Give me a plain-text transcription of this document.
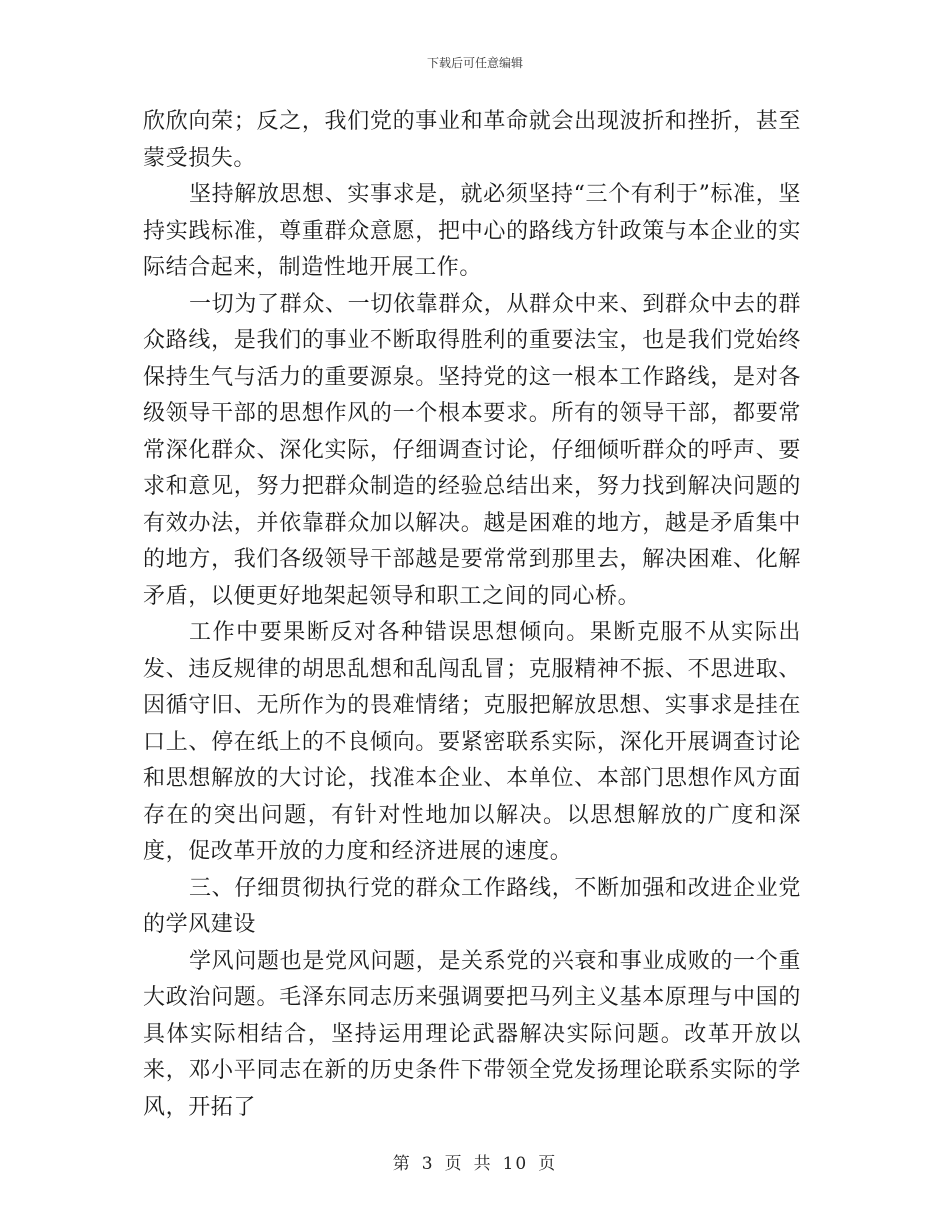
下载后可任意编辑

欣欣向荣；反之，我们党的事业和革命就会出现波折和挫折，甚至蒙受损失。

坚持解放思想、实事求是，就必须坚持“三个有利于”标准，坚持实践标准，尊重群众意愿，把中心的路线方针政策与本企业的实际结合起来，制造性地开展工作。

一切为了群众、一切依靠群众，从群众中来、到群众中去的群众路线，是我们的事业不断取得胜利的重要法宝，也是我们党始终保持生气与活力的重要源泉。坚持党的这一根本工作路线，是对各级领导干部的思想作风的一个根本要求。所有的领导干部，都要常常深化群众、深化实际，仔细调查讨论，仔细倾听群众的呼声、要求和意见，努力把群众制造的经验总结出来，努力找到解决问题的有效办法，并依靠群众加以解决。越是困难的地方，越是矛盾集中的地方，我们各级领导干部越是要常常到那里去，解决困难、化解矛盾，以便更好地架起领导和职工之间的同心桥。

工作中要果断反对各种错误思想倾向。果断克服不从实际出发、违反规律的胡思乱想和乱闯乱冒；克服精神不振、不思进取、因循守旧、无所作为的畏难情绪；克服把解放思想、实事求是挂在口上、停在纸上的不良倾向。要紧密联系实际，深化开展调查讨论和思想解放的大讨论，找准本企业、本单位、本部门思想作风方面存在的突出问题，有针对性地加以解决。以思想解放的广度和深度，促改革开放的力度和经济进展的速度。

三、仔细贯彻执行党的群众工作路线，不断加强和改进企业党的学风建设

学风问题也是党风问题，是关系党的兴衰和事业成败的一个重大政治问题。毛泽东同志历来强调要把马列主义基本原理与中国的具体实际相结合，坚持运用理论武器解决实际问题。改革开放以来，邓小平同志在新的历史条件下带领全党发扬理论联系实际的学风，开拓了

第 3 页 共 10 页
